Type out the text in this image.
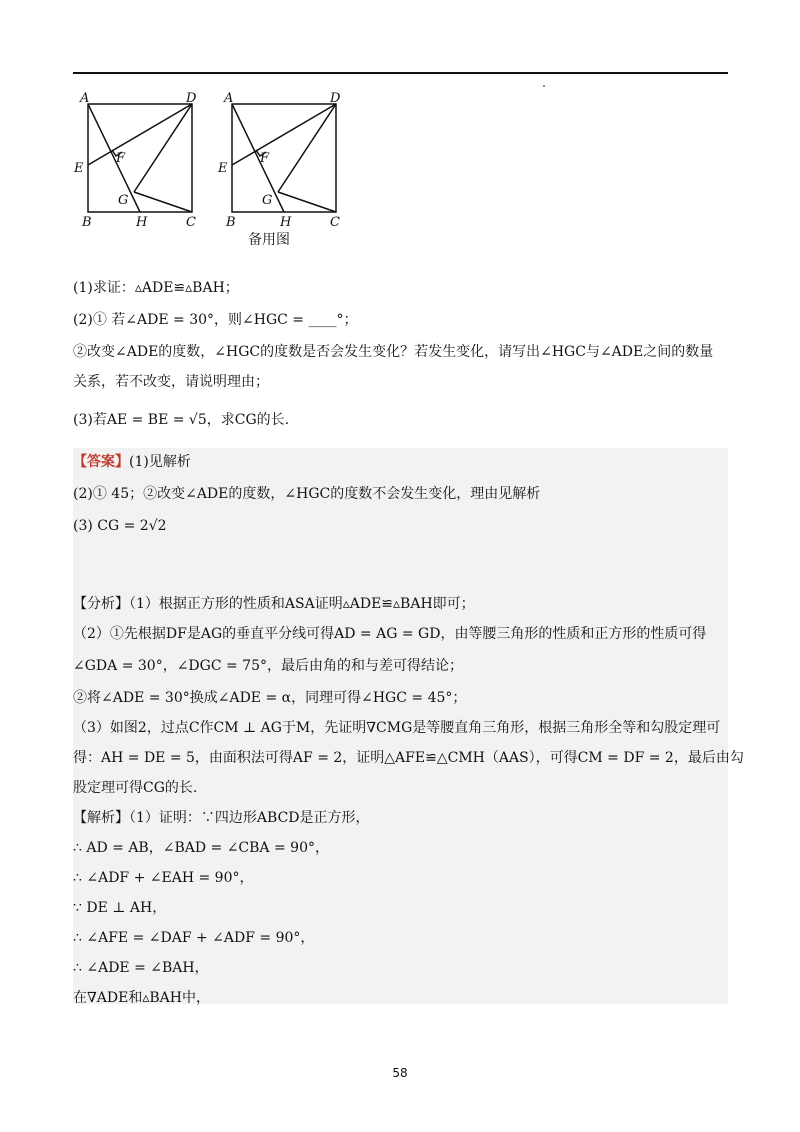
A	D
E
F
G
B	H	C
A	D
E
F
G
B	H	C
备用图
(1)求证：▵ADE≌▵BAH；
(2)① 若∠ADE = 30°，则∠HGC = ____°；
②改变∠ADE的度数，∠HGC的度数是否会发生变化？若发生变化，请写出∠HGC与∠ADE之间的数量
关系，若不改变，请说明理由；
(3)若AE = BE = √5，求CG的长.
【答案】(1)见解析
(2)① 45；②改变∠ADE的度数，∠HGC的度数不会发生变化，理由见解析
(3) CG = 2√2
【分析】（1）根据正方形的性质和ASA证明▵ADE≌▵BAH即可；
（2）①先根据DF是AG的垂直平分线可得AD = AG = GD，由等腰三角形的性质和正方形的性质可得
∠GDA = 30°，∠DGC = 75°，最后由角的和与差可得结论；
②将∠ADE = 30°换成∠ADE = α，同理可得∠HGC = 45°；
（3）如图2，过点C作CM ⊥ AG于M，先证明∇CMG是等腰直角三角形，根据三角形全等和勾股定理可
得：AH = DE = 5，由面积法可得AF = 2，证明△AFE≌△CMH（AAS），可得CM = DF = 2，最后由勾
股定理可得CG的长.
【解析】（1）证明：∵四边形ABCD是正方形，
∴ AD = AB，∠BAD = ∠CBA = 90°，
∴ ∠ADF + ∠EAH = 90°，
∵ DE ⊥ AH，
∴ ∠AFE = ∠DAF + ∠ADF = 90°，
∴ ∠ADE = ∠BAH，
在∇ADE和▵BAH中，
58
